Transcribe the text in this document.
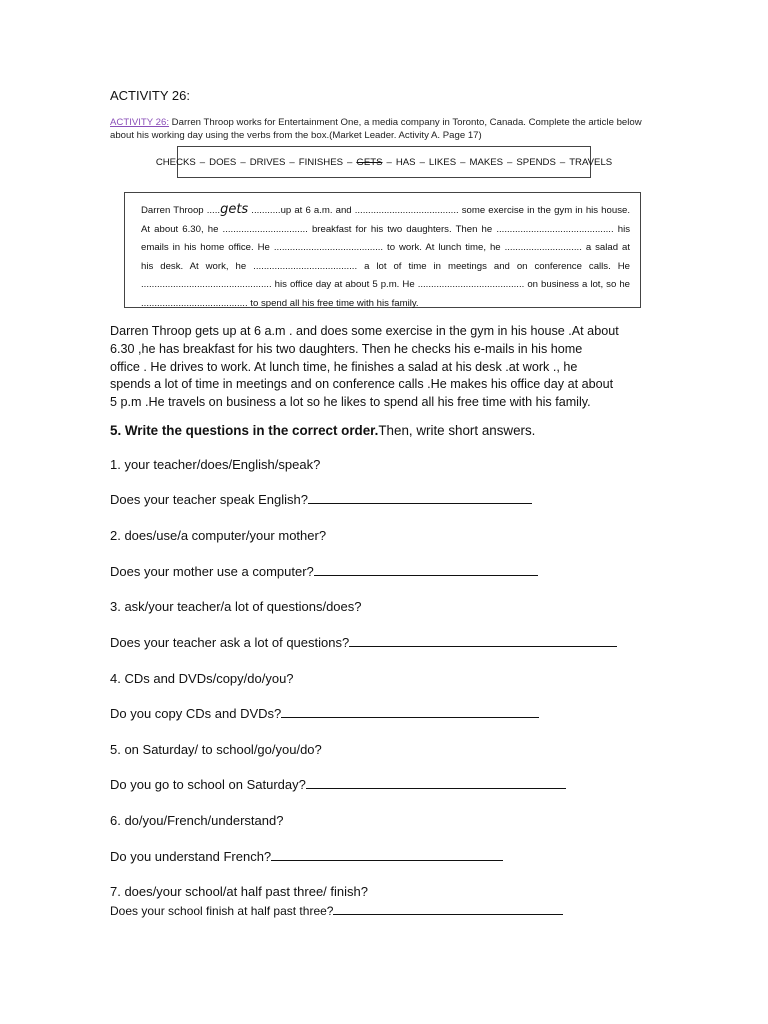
ACTIVITY 26:
ACTIVITY 26: Darren Throop works for Entertainment One, a media company in Toronto, Canada. Complete the article below about his working day using the verbs from the box.(Market Leader. Activity A. Page 17)
CHECKS – DOES – DRIVES – FINISHES – GETS – HAS – LIKES – MAKES – SPENDS – TRAVELS
Darren Throop .....gets ...........up at 6 a.m. and ....................................... some exercise in the gym in his house.
At about 6.30, he ................................ breakfast for his two daughters. Then he ............................................ his
emails in his home office. He ......................................... to work. At lunch time, he ............................. a salad at
his desk. At work, he ....................................... a lot of time in meetings and on conference calls. He
................................................. his office day at about 5 p.m. He ........................................ on business a lot, so he
........................................ to spend all his free time with his family.
Darren Throop gets up at 6 a.m . and does some exercise in the gym in his house .At about
6.30 ,he has breakfast for his two daughters. Then he checks his e-mails in his home
office . He drives to work. At lunch time, he finishes a salad at his desk .at work ., he
spends a lot of time in meetings and on conference calls .He makes his office day at about
5 p.m .He travels on business a lot so he likes to spend all his free time with his family.
5. Write the questions in the correct order.Then, write short answers.
1. your teacher/does/English/speak?
Does your teacher speak English?
2. does/use/a computer/your mother?
Does your mother use a computer?
3. ask/your teacher/a lot of questions/does?
Does your teacher ask a lot of questions?
4. CDs and DVDs/copy/do/you?
Do you copy CDs and DVDs?
5. on Saturday/ to school/go/you/do?
Do you go to school on Saturday?
6. do/you/French/understand?
Do you understand French?
7. does/your school/at half past three/ finish?
Does your school finish at half past three?
